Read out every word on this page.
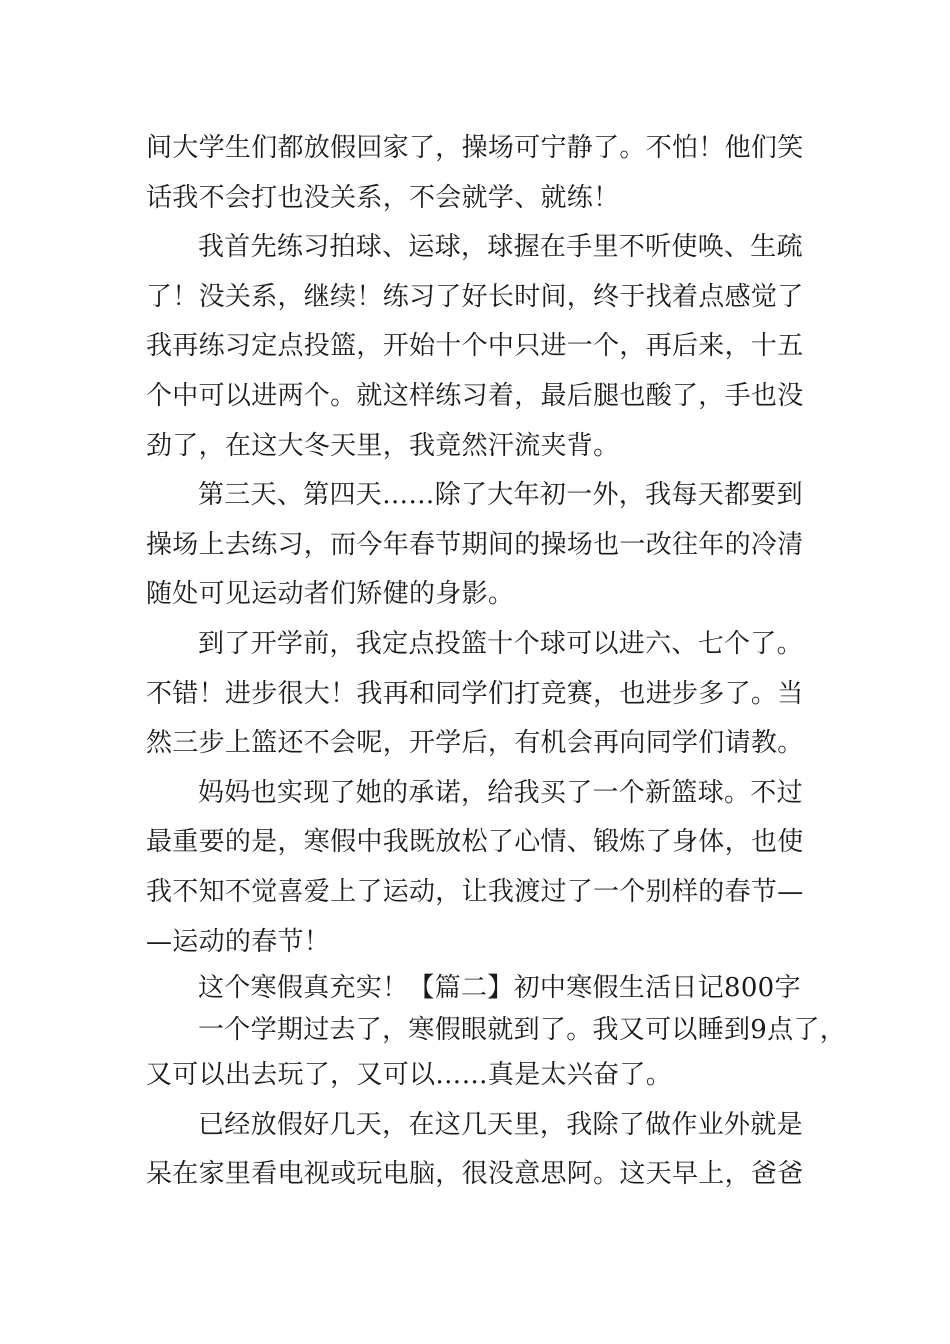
间大学生们都放假回家了，操场可宁静了。不怕！他们笑
话我不会打也没关系，不会就学、就练！
我首先练习拍球、运球，球握在手里不听使唤、生疏
了！没关系，继续！练习了好长时间，终于找着点感觉了
我再练习定点投篮，开始十个中只进一个，再后来，十五
个中可以进两个。就这样练习着，最后腿也酸了，手也没
劲了，在这大冬天里，我竟然汗流夹背。
第三天、第四天……除了大年初一外，我每天都要到
操场上去练习，而今年春节期间的操场也一改往年的冷清
随处可见运动者们矫健的身影。
到了开学前，我定点投篮十个球可以进六、七个了。
不错！进步很大！我再和同学们打竞赛，也进步多了。当
然三步上篮还不会呢，开学后，有机会再向同学们请教。
妈妈也实现了她的承诺，给我买了一个新篮球。不过
最重要的是，寒假中我既放松了心情、锻炼了身体，也使
我不知不觉喜爱上了运动，让我渡过了一个别样的春节—
—运动的春节！
这个寒假真充实！【篇二】初中寒假生活日记800字
一个学期过去了，寒假眼就到了。我又可以睡到9点了，
又可以出去玩了，又可以……真是太兴奋了。
已经放假好几天，在这几天里，我除了做作业外就是
呆在家里看电视或玩电脑，很没意思阿。这天早上，爸爸
